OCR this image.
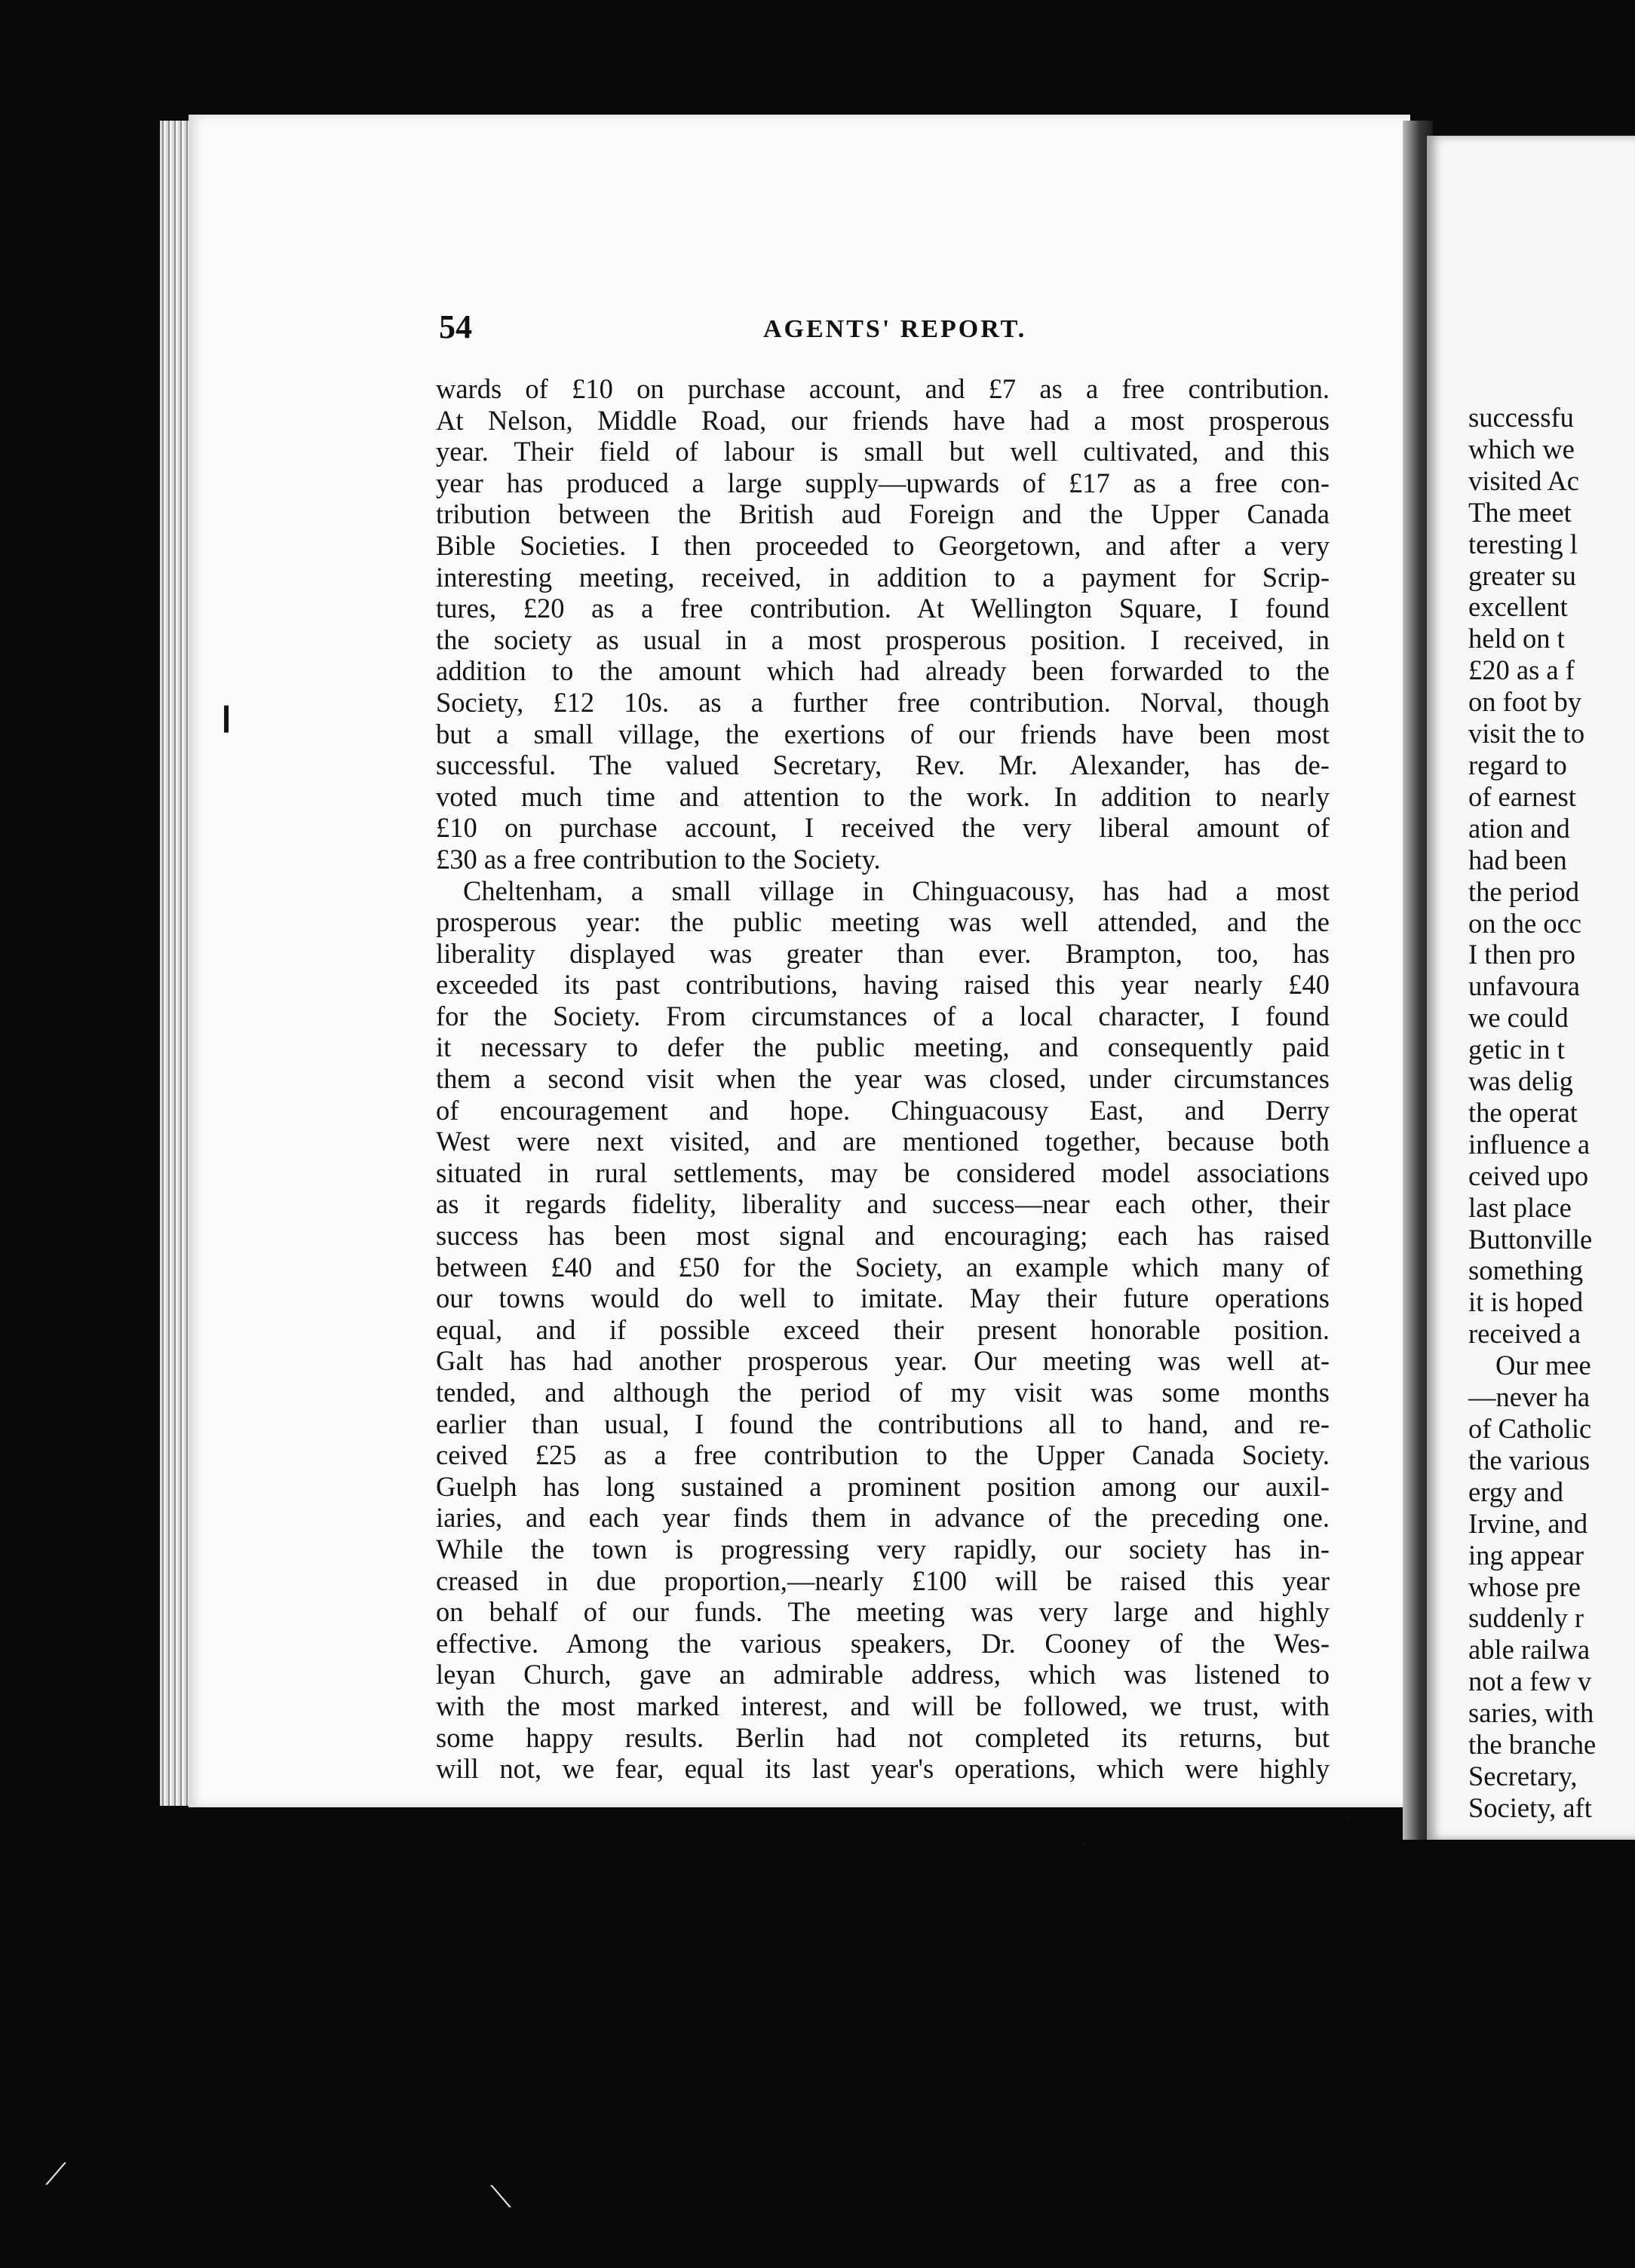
54	AGENTS' REPORT.
wards of £10 on purchase account, and £7 as a free contribution.
At Nelson, Middle Road, our friends have had a most prosperous
year. Their field of labour is small but well cultivated, and this
year has produced a large supply—upwards of £17 as a free con-
tribution between the British aud Foreign and the Upper Canada
Bible Societies. I then proceeded to Georgetown, and after a very
interesting meeting, received, in addition to a payment for Scrip-
tures, £20 as a free contribution. At Wellington Square, I found
the society as usual in a most prosperous position. I received, in
addition to the amount which had already been forwarded to the
Society, £12 10s. as a further free contribution. Norval, though
but a small village, the exertions of our friends have been most
successful. The valued Secretary, Rev. Mr. Alexander, has de-
voted much time and attention to the work. In addition to nearly
£10 on purchase account, I received the very liberal amount of
£30 as a free contribution to the Society.
Cheltenham, a small village in Chinguacousy, has had a most
prosperous year: the public meeting was well attended, and the
liberality displayed was greater than ever. Brampton, too, has
exceeded its past contributions, having raised this year nearly £40
for the Society. From circumstances of a local character, I found
it necessary to defer the public meeting, and consequently paid
them a second visit when the year was closed, under circumstances
of encouragement and hope. Chinguacousy East, and Derry
West were next visited, and are mentioned together, because both
situated in rural settlements, may be considered model associations
as it regards fidelity, liberality and success—near each other, their
success has been most signal and encouraging; each has raised
between £40 and £50 for the Society, an example which many of
our towns would do well to imitate. May their future operations
equal, and if possible exceed their present honorable position.
Galt has had another prosperous year. Our meeting was well at-
tended, and although the period of my visit was some months
earlier than usual, I found the contributions all to hand, and re-
ceived £25 as a free contribution to the Upper Canada Society.
Guelph has long sustained a prominent position among our auxil-
iaries, and each year finds them in advance of the preceding one.
While the town is progressing very rapidly, our society has in-
creased in due proportion,—nearly £100 will be raised this year
on behalf of our funds. The meeting was very large and highly
effective. Among the various speakers, Dr. Cooney of the Wes-
leyan Church, gave an admirable address, which was listened to
with the most marked interest, and will be followed, we trust, with
some happy results. Berlin had not completed its returns, but
will not, we fear, equal its last year's operations, which were highly
successfu
which we
visited Ac
The meet
teresting l
greater su
excellent
held on t
£20 as a f
on foot by
visit the to
regard to
of earnest
ation and
had been
the period
on the occ
I then pro
unfavoura
we could
getic in t
was delig
the operat
influence a
ceived upo
last place
Buttonville
something
it is hoped
received a
Our mee
—never ha
of Catholic
the various
ergy and
Irvine, and
ing appear
whose pre
suddenly r
able railwa
not a few v
saries, with
the branche
Secretary,
Society, aft
❙
●
●
⟋
⟍
